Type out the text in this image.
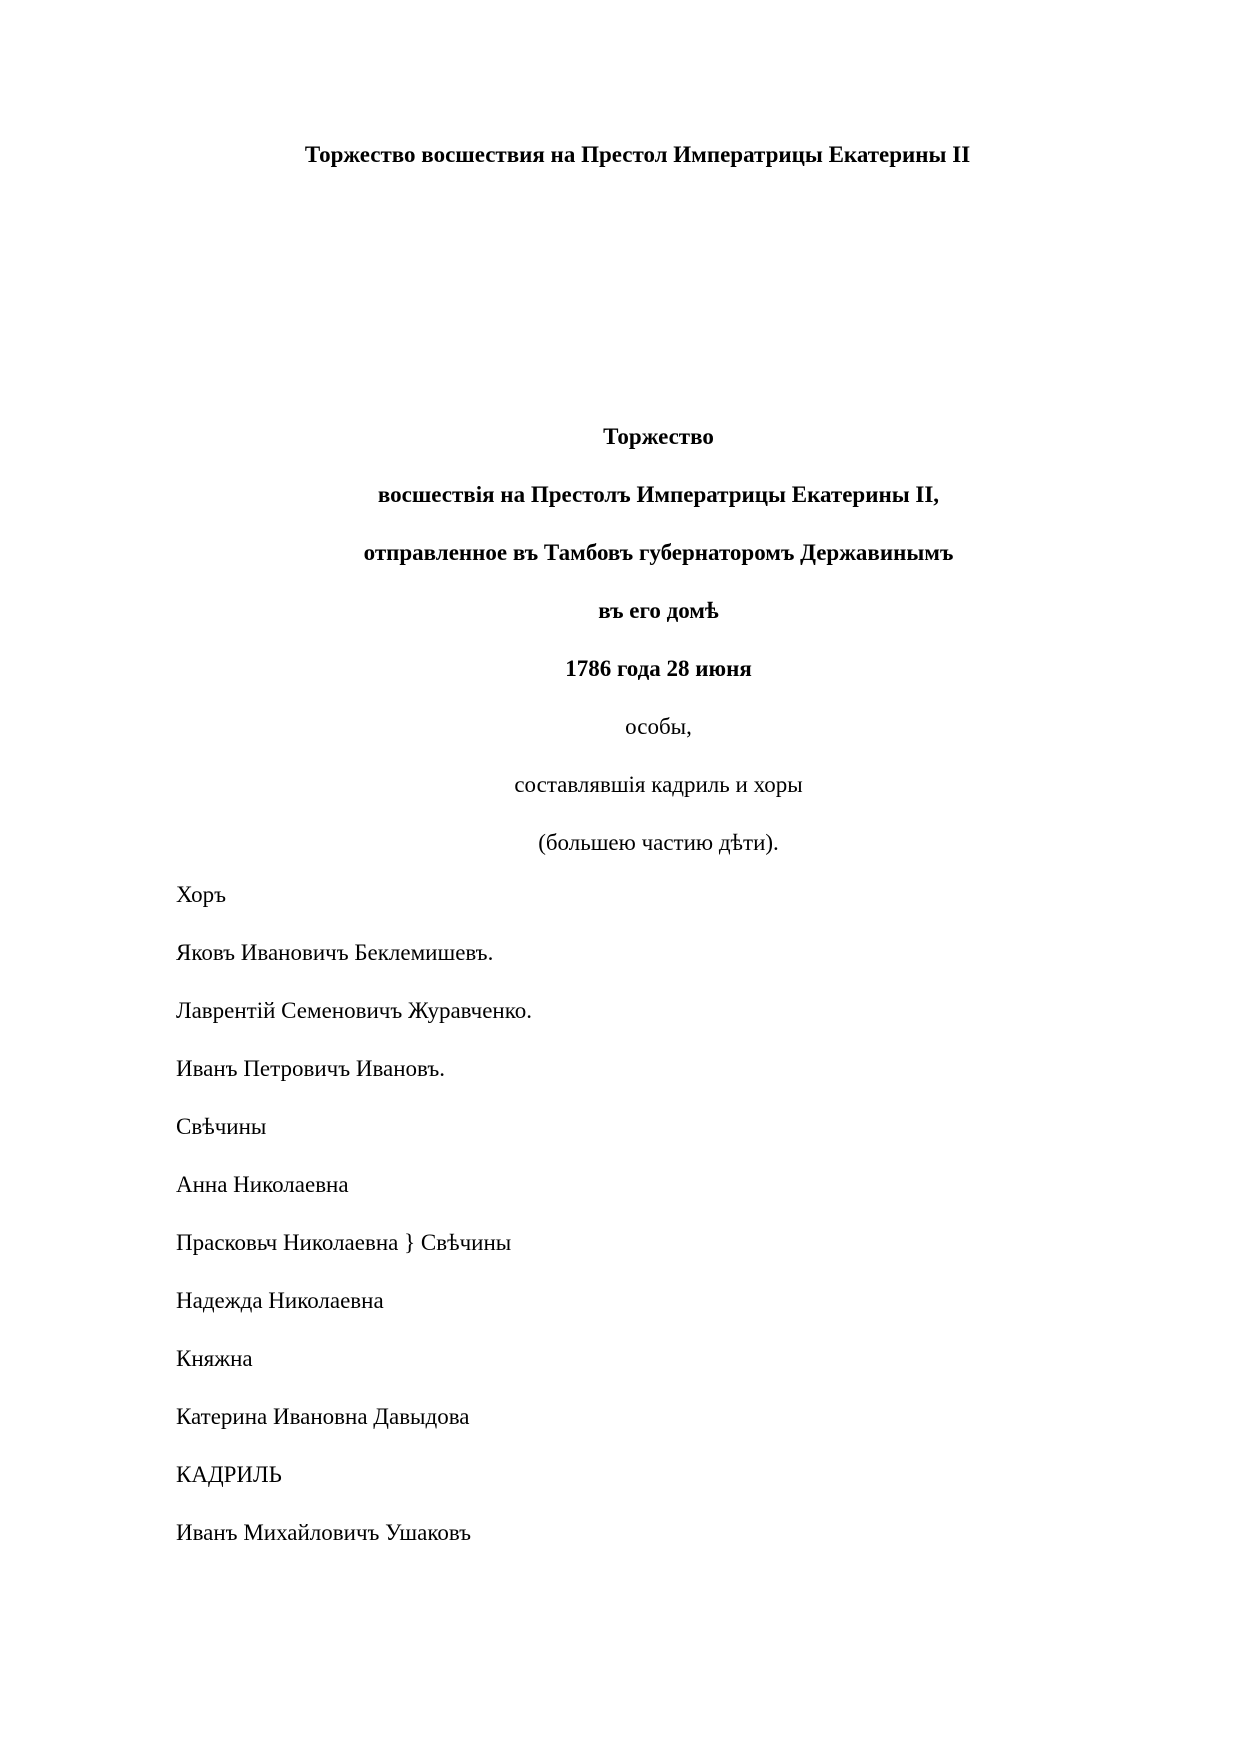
Торжество восшествия на Престол Императрицы Екатерины II
Торжество
восшествiя на Престолъ Императрицы Екатерины II,
отправленное въ Тамбовъ губернаторомъ Державинымъ
въ его домѣ
1786 года 28 июня
особы,
составлявшiя кадриль и хоры
(большею частию дѣти).
Хоръ
Яковъ Ивановичъ Беклемишевъ.
Лаврентiй Семеновичъ Журавченко.
Иванъ Петровичъ Ивановъ.
Свѣчины
Анна Николаевна
Прасковьч Николаевна } Свѣчины
Надежда Николаевна
Княжна
Катерина Ивановна Давыдова
КАДРИЛЬ
Иванъ Михайловичъ Ушаковъ
